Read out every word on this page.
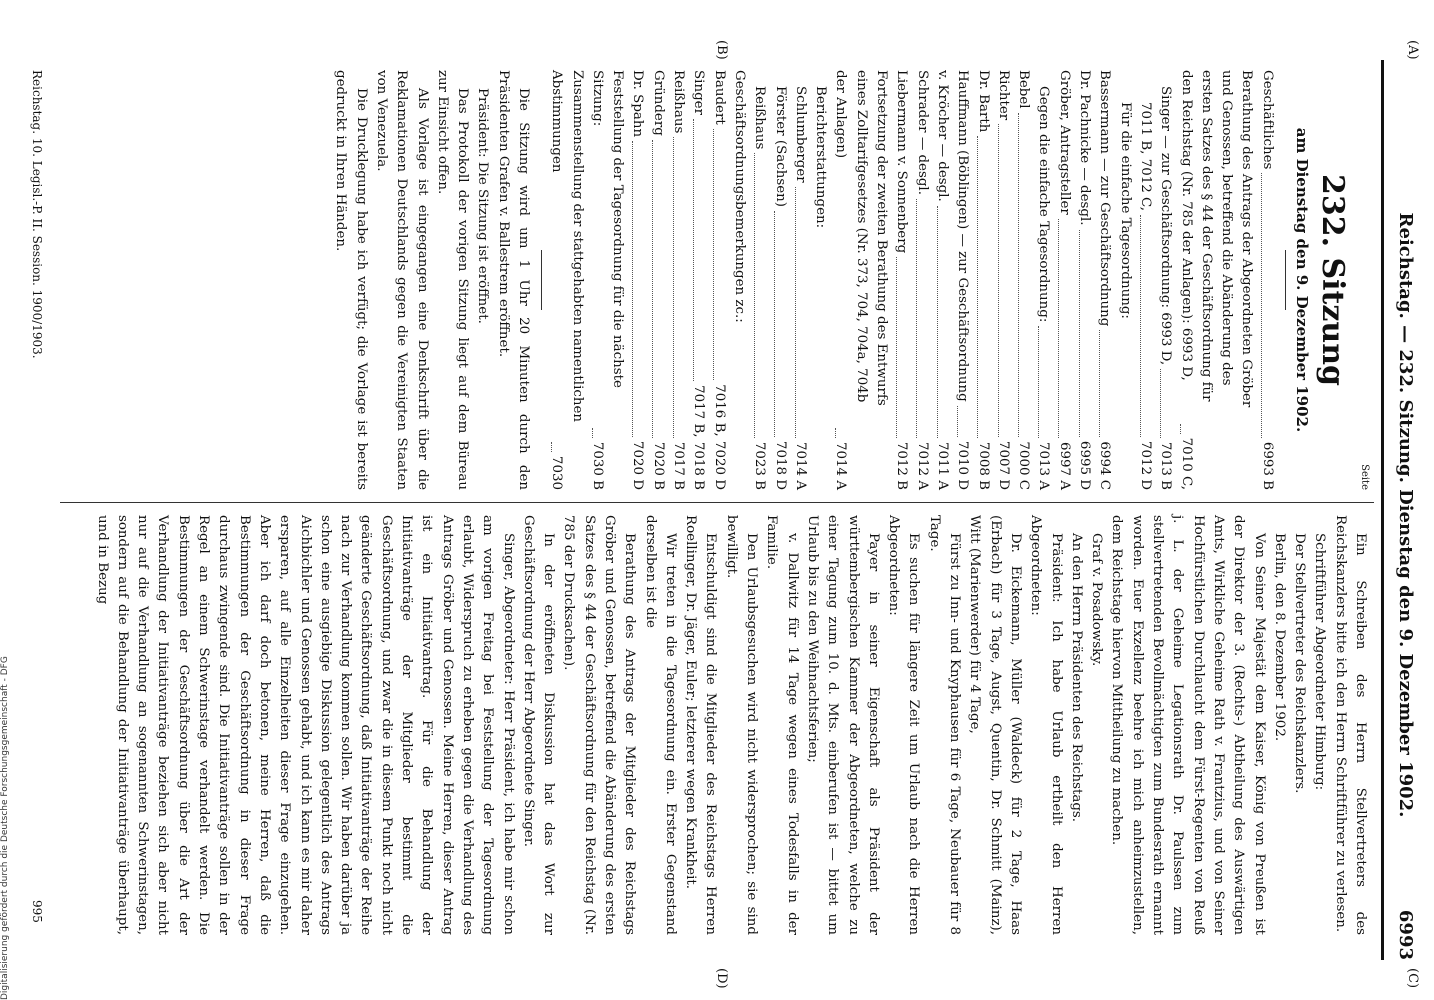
(A)
(C)
(B)
(D)
Reichstag. — 232. Sitzung. Dienstag den 9. Dezember 1902.
6993
Seite
232. Sitzung
am Dienstag den 9. Dezember 1902.
Geschäftliches
6993 B
Berathung des Antrags der Abgeordneten Gröber und Genossen, betreffend die Abänderung des ersten Satzes des § 44 der Geschäftsordnung für den Reichstag (Nr. 785 der Anlagen): 6993 D,
7010 C,
Singer — zur Geschäftsordnung: 6993 D,
7013 B
7011 B, 7012 C,
7012 D
Für die einfache Tagesordnung:
Bassermann — zur Geschäftsordnung
6994 C
Dr. Pachnicke — desgl.
6995 D
Gröber, Antragsteller
6997 A
Gegen die einfache Tagesordnung:
7013 A
Bebel
7000 C
Richter
7007 D
Dr. Barth
7008 B
Hauffmann (Böblingen) — zur Geschäftsordnung
7010 D
v. Kröcher — desgl.
7011 A
Schrader — desgl.
7012 A
Liebermann v. Sonnenberg
7012 B
Fortsetzung der zweiten Berathung des Entwurfs eines Zolltarifgesetzes (Nr. 373, 704, 704a, 704b der Anlagen)
7014 A
Berichterstattungen:
Schlumberger
7014 A
Förster (Sachsen)
7018 D
Reißhaus
7023 B
Geschäftsordnungsbemerkungen zc.:
Baudert
7016 B, 7020 D
Singer
7017 B, 7018 B
Reißhaus
7017 B
Gründerg
7020 B
Dr. Spahn
7020 D
Feststellung der Tagesordnung für die nächste Sitzung:
7030 B
Zusammenstellung der stattgehabten namentlichen Abstimmungen
7030
Die Sitzung wird um 1 Uhr 20 Minuten durch den Präsidenten Grafen v. Ballestrem eröffnet.
Präsident: Die Sitzung ist eröffnet.
Das Protokoll der vorigen Sitzung liegt auf dem Büreau zur Einsicht offen.
Als Vorlage ist eingegangen eine Denkschrift über die Reklamationen Deutschlands gegen die Vereinigten Staaten von Venezuela.
Die Drucklegung habe ich verfügt; die Vorlage ist bereits gedruckt in Ihren Händen.
Ein Schreiben des Herrn Stellvertreters des Reichskanzlers bitte ich den Herrn Schriftführer zu verlesen.
Schriftführer Abgeordneter Himburg:
Der Stellvertreter des Reichskanzlers.
Berlin, den 8. Dezember 1902.
Von Seiner Majestät dem Kaiser, König von Preußen ist der Direktor der 3. (Rechts-) Abtheilung des Auswärtigen Amts, Wirkliche Geheime Rath v. Frantzius, und von Seiner Hochfürstlichen Durchlaucht dem Fürst-Regenten von Reuß j. L. der Geheime Legationsrath Dr. Paulssen zum stellvertretenden Bevollmächtigten zum Bundesrath ernannt worden. Euer Exzellenz beehre ich mich anheimzustellen, dem Reichstage hiervon Mittheilung zu machen.
Graf v. Posadowsky.
An den Herrn Präsidenten des Reichstags.
Präsident: Ich habe Urlaub ertheilt den Herren Abgeordneten:
Dr. Eickemann, Müller (Waldeck) für 2 Tage, Haas (Erbach) für 3 Tage, Augst, Quentin, Dr. Schmitt (Mainz), Witt (Marienwerder) für 4 Tage,
Fürst zu Inn- und Knyphausen für 6 Tage, Neubauer für 8 Tage.
Es suchen für längere Zeit um Urlaub nach die Herren Abgeordneten:
Payer in seiner Eigenschaft als Präsident der württembergischen Kammer der Abgeordneten, welche zu einer Tagung zum 10. d. Mts. einberufen ist — bittet um Urlaub bis zu den Weihnachtsferien;
v. Dallwitz für 14 Tage wegen eines Todesfalls in der Familie.
Den Urlaubsgesuchen wird nicht widersprochen; sie sind bewilligt.
Entschuldigt sind die Mitglieder des Reichstags Herren Roellinger, Dr. Jäger, Euler; letzterer wegen Krankheit.
Wir treten in die Tagesordnung ein. Erster Gegenstand derselben ist die
Berathung des Antrags der Mitglieder des Reichstags Gröber und Genossen, betreffend die Abänderung des ersten Satzes des § 44 der Geschäftsordnung für den Reichstag (Nr. 785 der Drucksachen).
In der eröffneten Diskussion hat das Wort zur Geschäftsordnung der Herr Abgeordnete Singer.
Singer, Abgeordneter: Herr Präsident, ich habe mir schon am vorigen Freitag bei Feststellung der Tagesordnung erlaubt, Widerspruch zu erheben gegen die Verhandlung des Antrags Gröber und Genossen. Meine Herren, dieser Antrag ist ein Initiativantrag. Für die Behandlung der Initiativanträge der Mitglieder bestimmt die Geschäftsordnung, und zwar die in diesem Punkt noch nicht geänderte Geschäftsordnung, daß Initiativanträge der Reihe nach zur Verhandlung kommen sollen. Wir haben darüber ja schon eine ausgiebige Diskussion gelegentlich des Antrags Aichbichler und Genossen gehabt, und ich kann es mir daher ersparen, auf alle Einzelheiten dieser Frage einzugehen. Aber ich darf doch betonen, meine Herren, daß die Bestimmungen der Geschäftsordnung in dieser Frage durchaus zwingende sind. Die Initiativanträge sollen in der Regel an einem Schwerinstage verhandelt werden. Die Bestimmungen der Geschäftsordnung über die Art der Verhandlung der Initiativanträge beziehen sich aber nicht nur auf die Verhandlung an sogenannten Schwerinstagen, sondern auf die Behandlung der Initiativanträge überhaupt, und in Bezug
Reichstag. 10. Legisl.-P. II. Session. 1900/1903.
995
Digitalisierung gefördert durch die Deutsche Forschungsgemeinschaft - DFG
